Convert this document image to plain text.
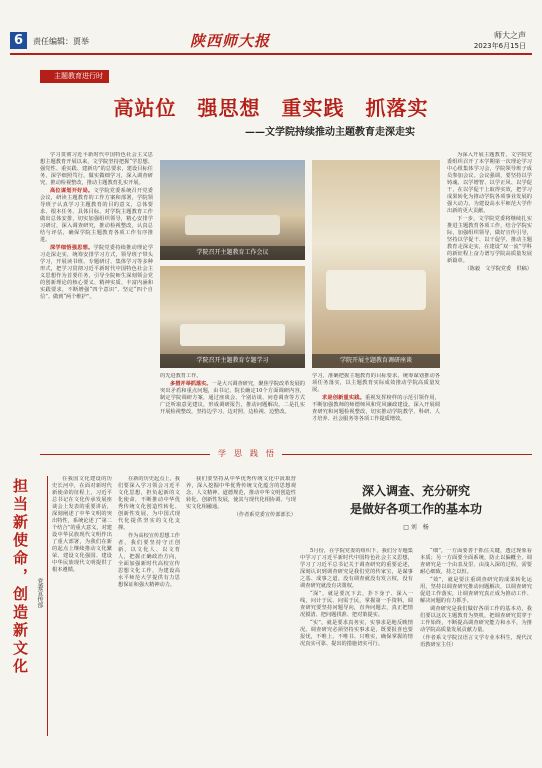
6	责任编辑：贾举	陕西师大报	师大之声
2023年6月15日
主题教育进行时
高站位　强思想　重实践　抓落实
——文学院持续推动主题教育走深走实

学习贯彻习近平新时代中国特色社会主义思想主题教育开展以来，文学院坚持把握“学思想、强党性、重实践、建新功”的总要求，建设目标任务，深学细照笃行，做实做细学习，深入调查研究，推动检视整改，推动主题教育扎实开展。

高位谋划开好局。文学院党委系统召开党委会议，研读主题教育的工作方案和部署，学院领导班子认真学习主题教育的目的意义，总体要求、根本任务、具体目标，对学院主题教育工作做出总体安排，切实加强组织领导，精心安排学习研讨，深入调查研究，推动检视整改，认真总结与评估，确保学院主题教育各项工作有序推进。

深学细悟强思想。学院党委持续推动理论学习走深走实，统筹安排学习方式，领导班子带头学习，开展读书班、专题研讨、集体学习等多种形式，把学习贯彻习近平新时代中国特色社会主义思想作为首要任务，引导全院师生深刻领会党的创新理论的核心要义、精神实质、丰富内涵和实践要求，不断增强“四个意识”、坚定“四个自信”、做到“两个维护”。

学院召开主题教育工作会议
学院召开主题教育专题学习	学院开展主题教育调研座谈

的先进教育工作。

多措并举抓落实。一是大兴调查研究，聚焦学院改革发展的突出矛盾和重点问题，由书记、院长确定10个方面调研内容，制定学院调研方案，通过座谈会、个别访谈、问卷调查等方式广泛听取意见建议，形成调研报告，推动问题解决。二是扎实开展检视整改，坚持边学习、边对照、边检视、边整改。

学习，准确把握主题教育的目标要求，统筹谋划推动各项任务落实，以主题教育实际成效推动学院高质量发展。

求是创新重实践。重视发挥榜样的示范引领作用，不断加强教师的师德师风和党风廉政建设。深入开展调查研究和问题检视整改，切实推动学院教学、科研、人才培养、社会服务等各项工作提质增效。

为深入开展主题教育，文学院党委组织召开了本学期第一次理论学习中心组集体学习会，学院领导班子成员参加会议。会议强调，要坚持以学铸魂、以学增智、以学正风、以学促干，在以学促干上取得实效，把学习成果转化为推动学院各项事业发展的强大动力，为建设高水平师范大学作出新的更大贡献。

下一步，文学院党委将继续扎实推进主题教育各项工作，结合学院实际，加强组织领导，做好宣传引导，坚持以学促干、以干促学，推动主题教育走深走实，在建设“双一流”学科的新征程上奋力谱写学院高质量发展新篇章。

（陈毅　文学院党委　供稿）

学　思　践　悟
担当新使命，创造新文化	党委宣传部

在我国文化建设的历史长河中，在面对新时代新使命的征程上，习近平总书记在文化传承发展座谈会上发表的重要讲话，深刻阐述了中华文明的突出特性，系统论述了“第二个结合”的重大意义，对建设中华民族现代文明作出了重大部署，为我们在新的起点上继续推动文化繁荣、建设文化强国、建设中华民族现代文明提供了根本遵循。

在新的历史起点上，我们要深入学习领会习近平文化思想，担负起新的文化使命，不断推动中华优秀传统文化创造性转化、创新性发展，为中国式现代化提供坚实的文化支撑。

作为高校宣传思想工作者，我们要坚持守正创新，以文化人、以文育人，把握正确政治方向，全面加强新时代高校宣传思想文化工作，为建设高水平师范大学提供有力思想保证和强大精神动力。

我们要坚持从中华优秀传统文化中汲取营养，深入挖掘中华优秀传统文化蕴含的思想观念、人文精神、道德规范，推动中华文明创造性转化、创新性发展，使其与现代化相协调、与现实文化相融通。

（作者系党委宣传部部长）

深入调查、充分研究
是做好各项工作的基本功
□ 刘　杨

5月份，在学院党委的组织下，我们分专题集中学习了习近平新时代中国特色社会主义思想，学习了习近平总书记关于调查研究的重要论述，深刻认识到调查研究是我们党的传家宝，是谋事之基、成事之道。没有调查就没有发言权，没有调查研究就没有决策权。

“深”，就是要沉下去，扑下身子、深入一线，问计于民、问需于民，掌握第一手资料。调查研究要坚持问题导向，直奔问题去，真正把情况摸清、把问题找准、把对策提实。

“实”，就是要求真务实，实事求是地反映情况。调查研究必须坚持实事求是，既要报喜也要报忧，不唯上、不唯书、只唯实，确保掌握的情况真实可靠、提出的措施切实可行。

“细”，一方面要善于抓住关键，透过现象看本质；另一方面要全面系统，防止以偏概全。调查研究是一个由表及里、由浅入深的过程，需要耐心细致，持之以恒。

“效”，就是要注重调查研究的成果转化运用，坚持以调查研究推动问题解决，以调查研究促进工作落实，让调查研究真正成为推动工作、解决问题的有力抓手。

调查研究是我们做好各项工作的基本功，我们要以这次主题教育为契机，把调查研究贯穿于工作始终，不断提高调查研究能力和水平，为推动学院高质量发展贡献力量。

（作者系文学院汉语言文学专业本科生，现代汉语教研室主任）
